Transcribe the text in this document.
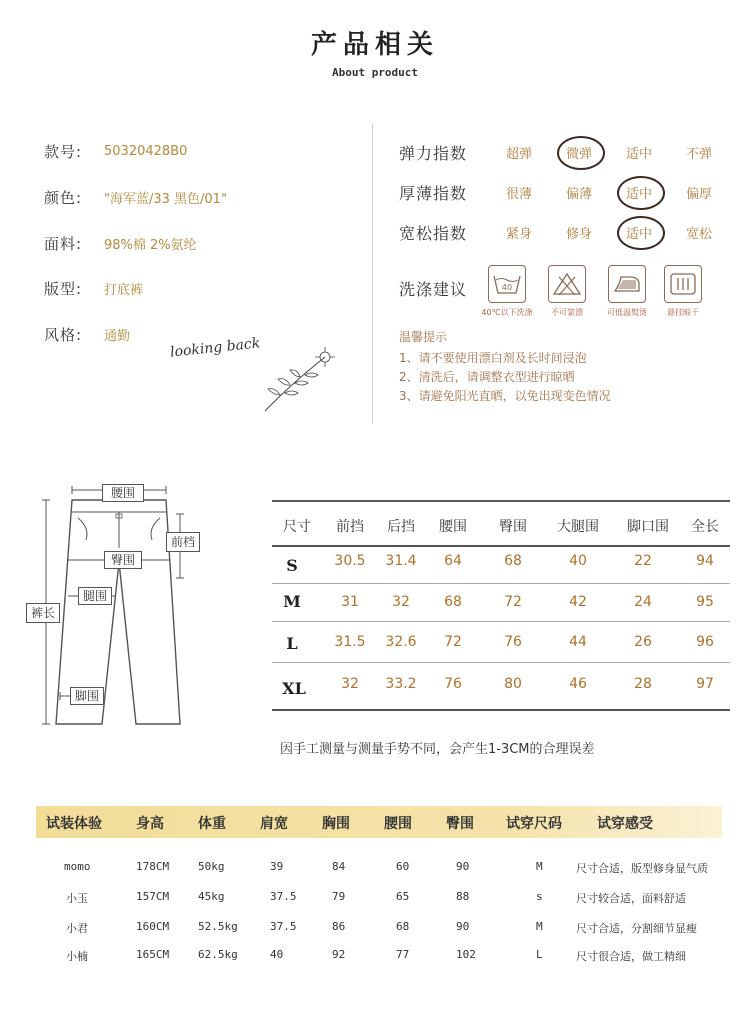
产品相关
About product
款号:	50320428B0
颜色:	"海军蓝/33 黑色/01"
面料:	98%棉 2%氨纶
版型:	打底裤
风格:	通勤	looking back
弹力指数	超弹	微弹	适中	不弹
厚薄指数	很薄	偏薄	适中	偏厚
宽松指数	紧身	修身	适中	宽松
洗涤建议	40
40℃以下洗涤	不可氯漂	可低温熨烫	悬挂晾干
温馨提示
1、请不要使用漂白剂及长时间浸泡
2、清洗后，请调整衣型进行晾晒
3、请避免阳光直晒，以免出现变色情况
腰围
前档
臀围
腿围
裤长
脚围
尺寸	前挡	后挡	腰围	臀围	大腿围	脚口围	全长
S	30.5	31.4	64	68	40	22	94
M	31	32	68	72	42	24	95
L	31.5	32.6	72	76	44	26	96
XL	32	33.2	76	80	46	28	97
因手工测量与测量手势不同，会产生1-3CM的合理误差
试装体验 身高 体重 肩宽 胸围 腰围 臀围 试穿尺码	试穿感受
momo	178CM	50kg	39	84	60	90	M	尺寸合适，版型修身显气质
小玉	157CM	45kg	37.5	79	65	88	s	尺寸较合适，面料舒适
小君	160CM	52.5kg	37.5	86	68	90	M	尺寸合适，分割细节显瘦
小楠	165CM	62.5kg	40	92	77	102	L	尺寸很合适，做工精细
